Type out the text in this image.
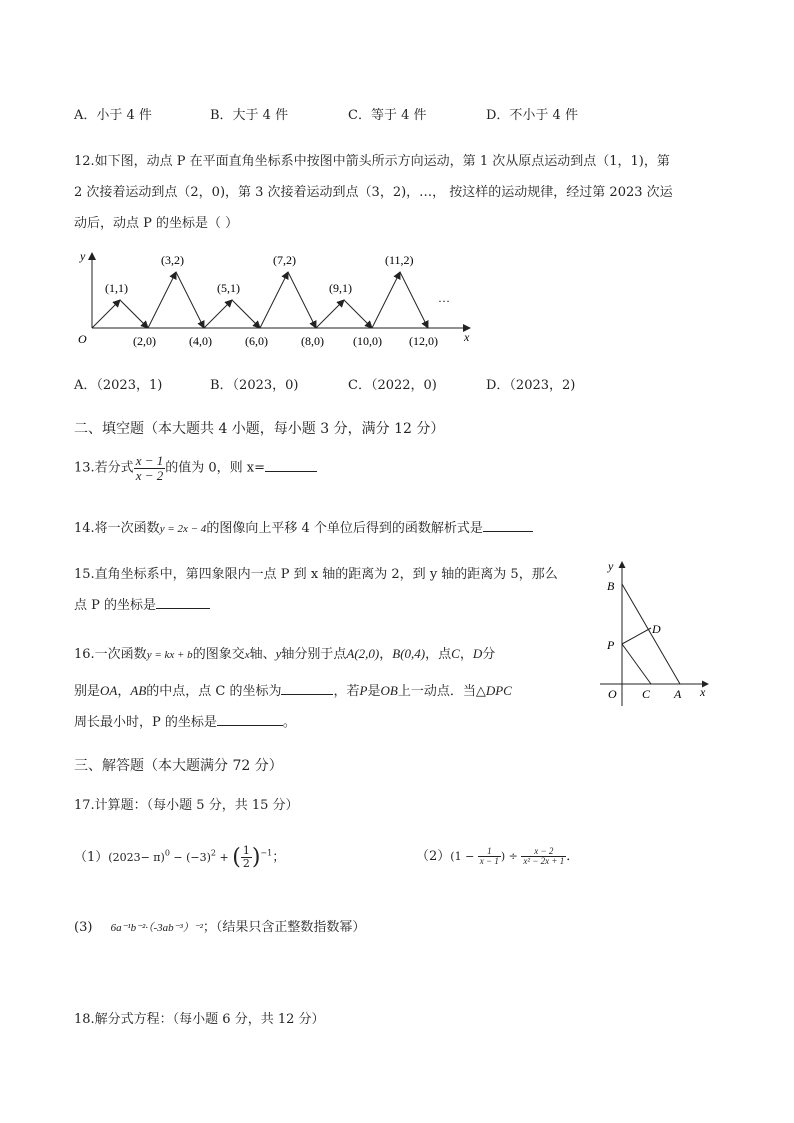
A．小于 4 件	B．大于 4 件	C．等于 4 件	D．不小于 4 件
12.如下图，动点 P 在平面直角坐标系中按图中箭头所示方向运动，第 1 次从原点运动到点（1，1)，第
2 次接着运动到点（2，0)，第 3 次接着运动到点（3，2)，…， 按这样的运动规律，经过第 2023 次运
动后，动点 P 的坐标是（ ）
y
x
O
(1,1)
(3,2)
(5,1)
(7,2)
(9,1)
(11,2)
(2,0)	(4,0)	(6,0)	(8,0) (10,0) (12,0)
…
A．（2023，1)	B．（2023，0)	C．（2022，0)	D．（2023，2)
二、填空题（本大题共 4 小题，每小题 3 分，满分 12 分）
13.若分式 $\frac{x - 1}{x - 2}$ 的值为 0，则 x=
14.将一次函数y = 2x − 4的图像向上平移 4 个单位后得到的函数解析式是
15.直角坐标系中，第四象限内一点 P 到 x 轴的距离为 2，到 y 轴的距离为 5，那么
点 P 的坐标是
16.一次函数y = kx + b的图象交x轴、y轴分别于点A(2,0)，B(0,4)，点C，D分
别是OA，AB的中点，点 C 的坐标为	，若P是OB上一动点．当△DPC
周长最小时，P 的坐标是	。
y
B
D
P
O C A x
三、解答题（本大题满分 72 分）
17.计算题：（每小题 5 分，共 15 分）
$(1)(2023- \pi)^0 - (-3)^2$ + ( $\frac{1}{2} )^{-1}$；	$(2)(1 - \frac{1}{x - 1}$ ) ÷ $\frac{x - 2}{\text{x² − 2x + 1}}$ ．
(3) 6a⁻¹b⁻²·（-3ab⁻³）⁻²；（结果只含正整数指数幂）
18.解分式方程：（每小题 6 分，共 12 分）
